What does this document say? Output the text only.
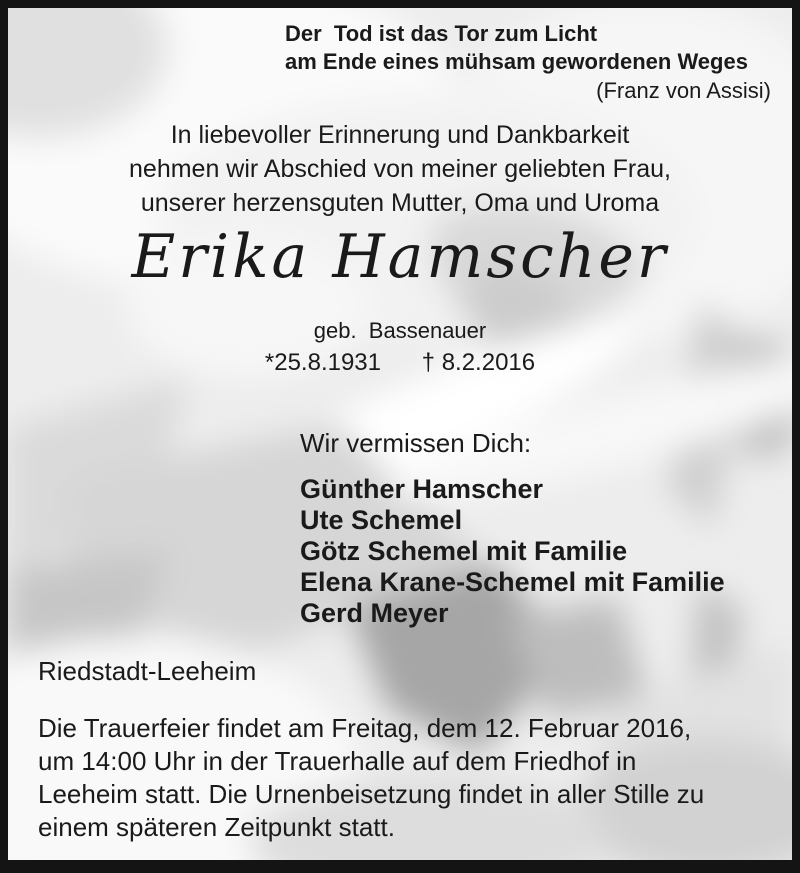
Der  Tod ist das Tor zum Licht
am Ende eines mühsam gewordenen Weges
(Franz von Assisi)
In liebevoller Erinnerung und Dankbarkeit
nehmen wir Abschied von meiner geliebten Frau,
unserer herzensguten Mutter, Oma und Uroma
Erika Hamscher
geb.  Bassenauer
*25.8.1931 † 8.2.2016
Wir vermissen Dich:
Günther Hamscher
Ute Schemel
Götz Schemel mit Familie
Elena Krane-Schemel mit Familie
Gerd Meyer
Riedstadt-Leeheim
Die Trauerfeier findet am Freitag, dem 12. Februar 2016,
um 14:00 Uhr in der Trauerhalle auf dem Friedhof in
Leeheim statt. Die Urnenbeisetzung findet in aller Stille zu
einem späteren Zeitpunkt statt.
